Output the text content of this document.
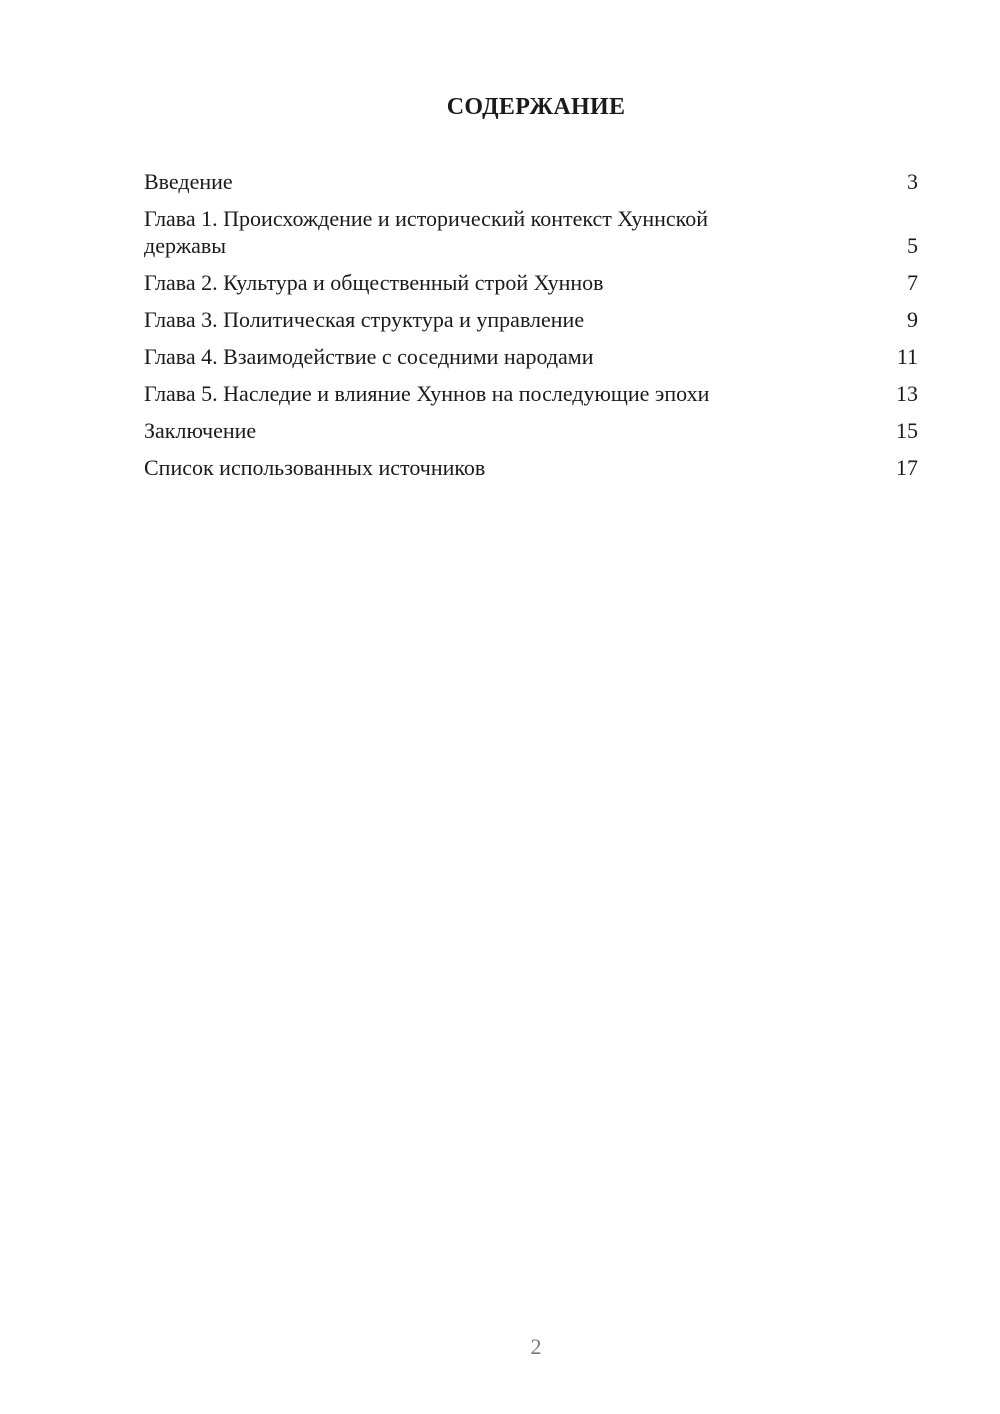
СОДЕРЖАНИЕ
Введение	3
Глава 1. Происхождение и исторический контекст Хуннской державы	5
Глава 2. Культура и общественный строй Хуннов	7
Глава 3. Политическая структура и управление	9
Глава 4. Взаимодействие с соседними народами	11
Глава 5. Наследие и влияние Хуннов на последующие эпохи	13
Заключение	15
Список использованных источников	17
2
